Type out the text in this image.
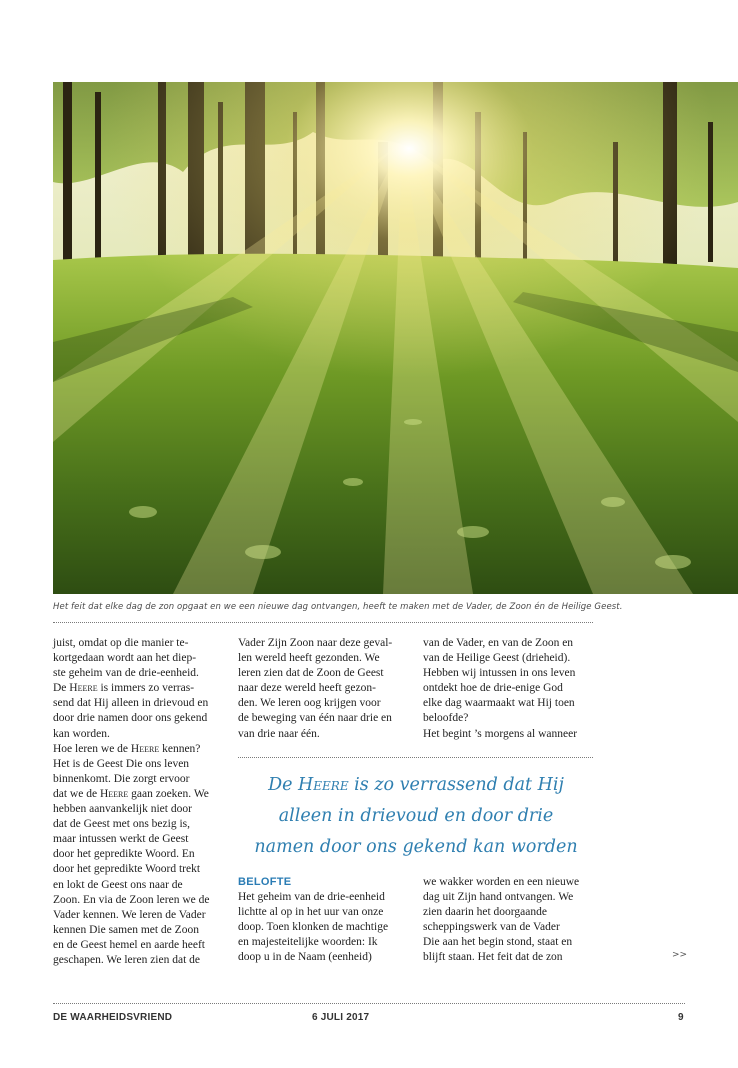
Het feit dat elke dag de zon opgaat en we een nieuwe dag ontvangen, heeft te maken met de Vader, de Zoon én de Heilige Geest.

juist, omdat op die manier te-
kortgedaan wordt aan het diep-
ste geheim van de drie-eenheid.

De Heere is immers zo verras-
send dat Hij alleen in drievoud en
door drie namen door ons gekend
kan worden.

Hoe leren we de Heere kennen?
Het is de Geest Die ons leven
binnenkomt. Die zorgt ervoor
dat we de Heere gaan zoeken. We
hebben aanvankelijk niet door
dat de Geest met ons bezig is,
maar intussen werkt de Geest
door het gepredikte Woord. En
door het gepredikte Woord trekt
en lokt de Geest ons naar de
Zoon. En via de Zoon leren we de
Vader kennen. We leren de Vader
kennen Die samen met de Zoon
en de Geest hemel en aarde heeft
geschapen. We leren zien dat de

Vader Zijn Zoon naar deze geval-
len wereld heeft gezonden. We
leren zien dat de Zoon de Geest
naar deze wereld heeft gezon-
den. We leren oog krijgen voor
de beweging van één naar drie en
van drie naar één.
van de Vader, en van de Zoon en
van de Heilige Geest (drieheid).
Hebben wij intussen in ons leven
ontdekt hoe de drie-enige God
elke dag waarmaakt wat Hij toen
beloofde?
Het begint ’s morgens al wanneer
De Heere is zo verrassend dat Hij
alleen in drievoud en door drie
namen door ons gekend kan worden
BELOFTE
Het geheim van de drie-eenheid
lichtte al op in het uur van onze
doop. Toen klonken de machtige
en majesteitelijke woorden: Ik
doop u in de Naam (eenheid)
we wakker worden en een nieuwe
dag uit Zijn hand ontvangen. We
zien daarin het doorgaande
scheppingswerk van de Vader
Die aan het begin stond, staat en
blijft staan. Het feit dat de zon	>>
DE WAARHEIDSVRIEND	6 JULI 2017	9
